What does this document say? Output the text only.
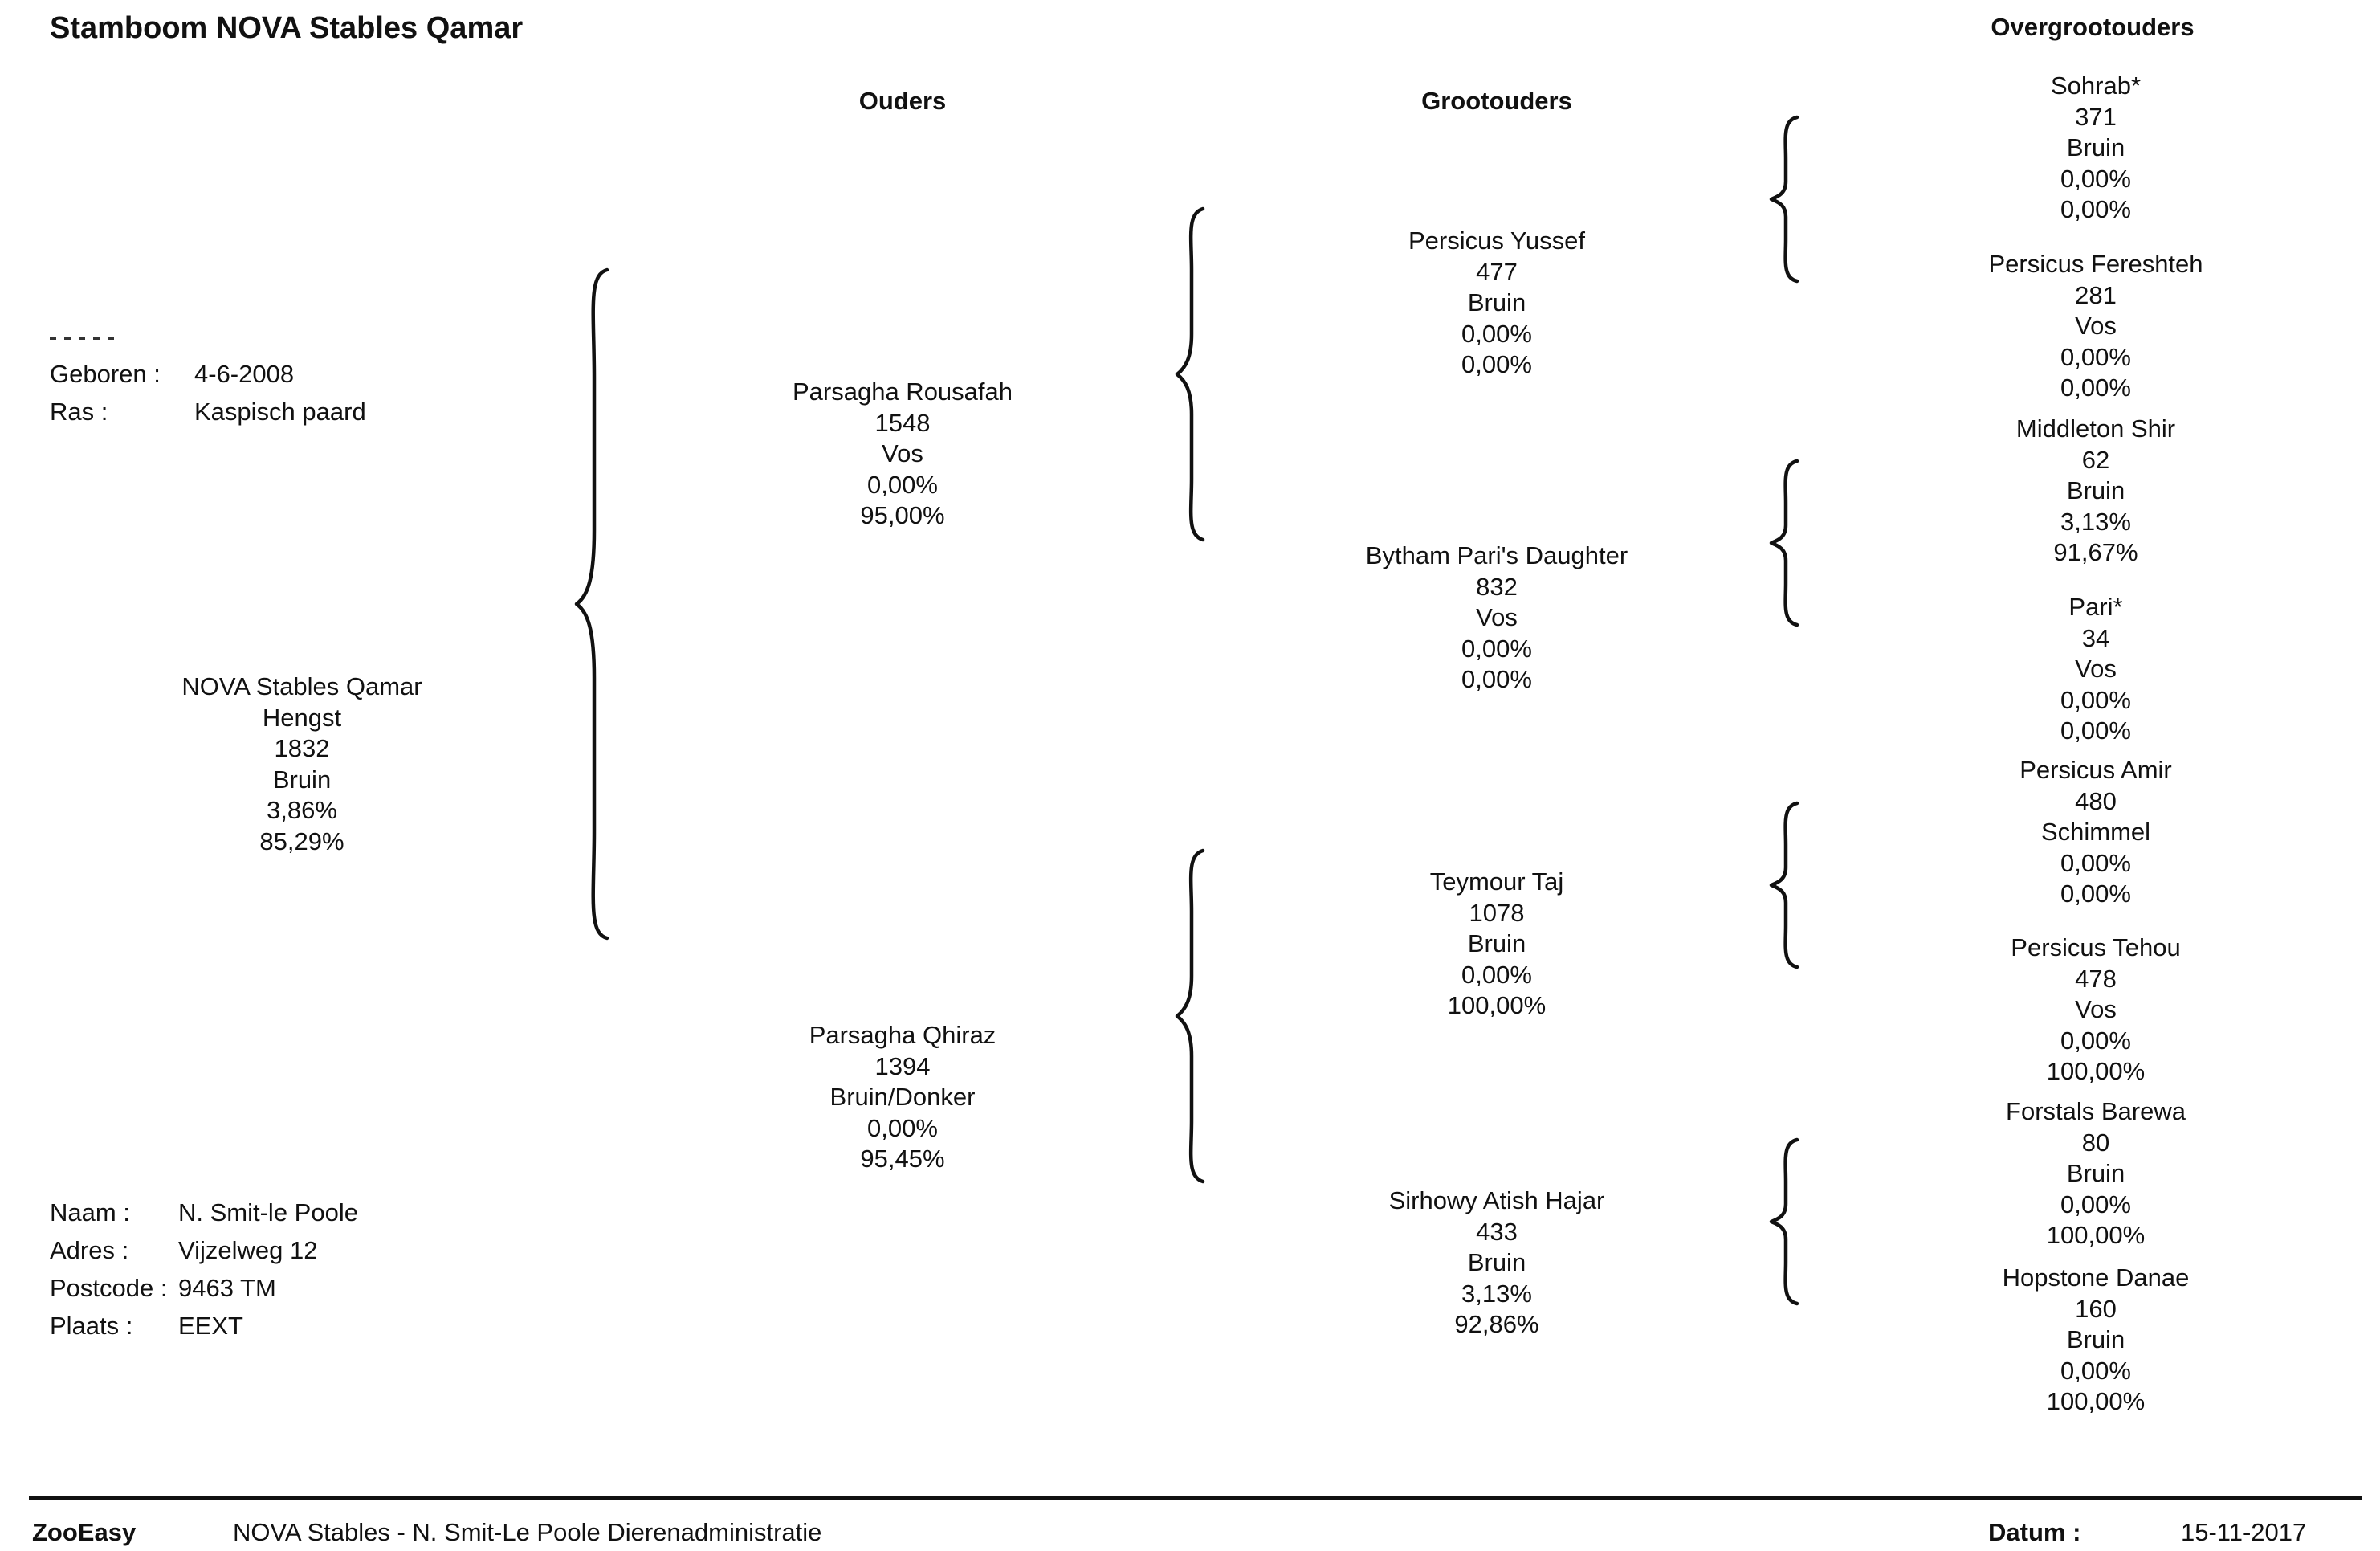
Stamboom NOVA Stables Qamar
Ouders	Grootouders
Overgrootouders
Geboren : 4-6-2008
Ras :	Kaspisch paard
NOVA Stables Qamar
Hengst
1832
Bruin
3,86%
85,29%
Parsagha Rousafah
1548
Vos
0,00%
95,00%
Parsagha Qhiraz
1394
Bruin/Donker
0,00%
95,45%
Persicus Yussef
477
Bruin
0,00%
0,00%
Bytham Pari's Daughter
832
Vos
0,00%
0,00%
Teymour Taj
1078
Bruin
0,00%
100,00%
Sirhowy Atish Hajar
433
Bruin
3,13%
92,86%
Sohrab*
371
Bruin
0,00%
0,00%
Persicus Fereshteh
281
Vos
0,00%
0,00%
Middleton Shir
62
Bruin
3,13%
91,67%
Pari*
34
Vos
0,00%
0,00%
Persicus Amir
480
Schimmel
0,00%
0,00%
Persicus Tehou
478
Vos
0,00%
100,00%
Forstals Barewa
80
Bruin
0,00%
100,00%
Hopstone Danae
160
Bruin
0,00%
100,00%
Naam : N. Smit-le Poole
Adres : Vijzelweg 12
Postcode : 9463 TM
Plaats : EEXT
ZooEasy	NOVA Stables - N. Smit-Le Poole Dierenadministratie	Datum :	15-11-2017
